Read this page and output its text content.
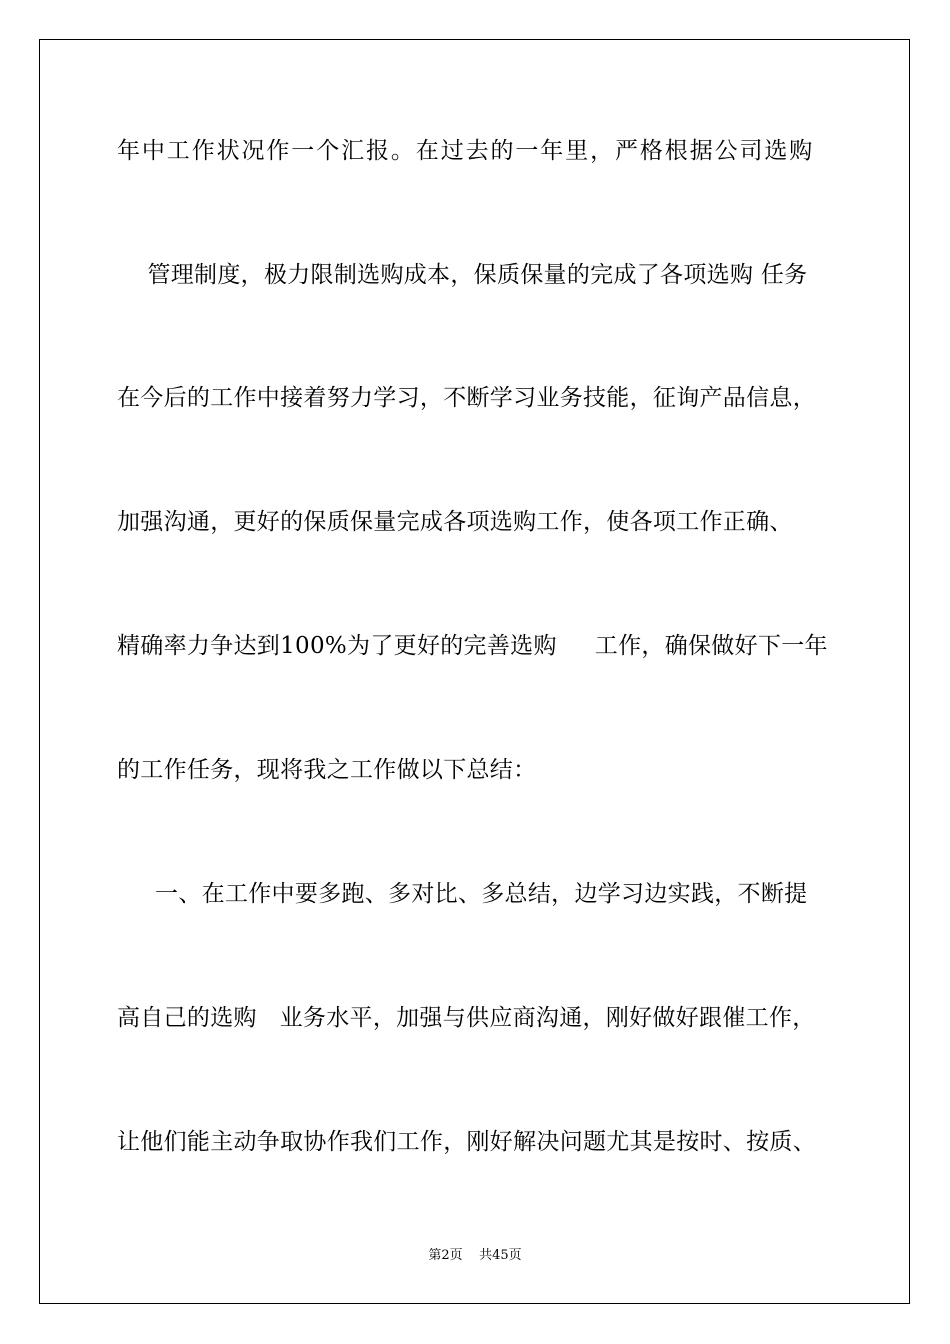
年中工作状况作一个汇报。在过去的一年里，严格根据公司选购
管理制度，极力限制选购成本，保质保量的完成了各项选购 任务
在今后的工作中接着努力学习，不断学习业务技能，征询产品信息，
加强沟通，更好的保质保量完成各项选购工作，使各项工作正确、
精确率力争达到100%为了更好的完善选购     工作，确保做好下一年
的工作任务，现将我之工作做以下总结：
一、在工作中要多跑、多对比、多总结，边学习边实践，不断提
高自己的选购   业务水平，加强与供应商沟通，刚好做好跟催工作，
让他们能主动争取协作我们工作，刚好解决问题尤其是按时、按质、
第2页    共45页
